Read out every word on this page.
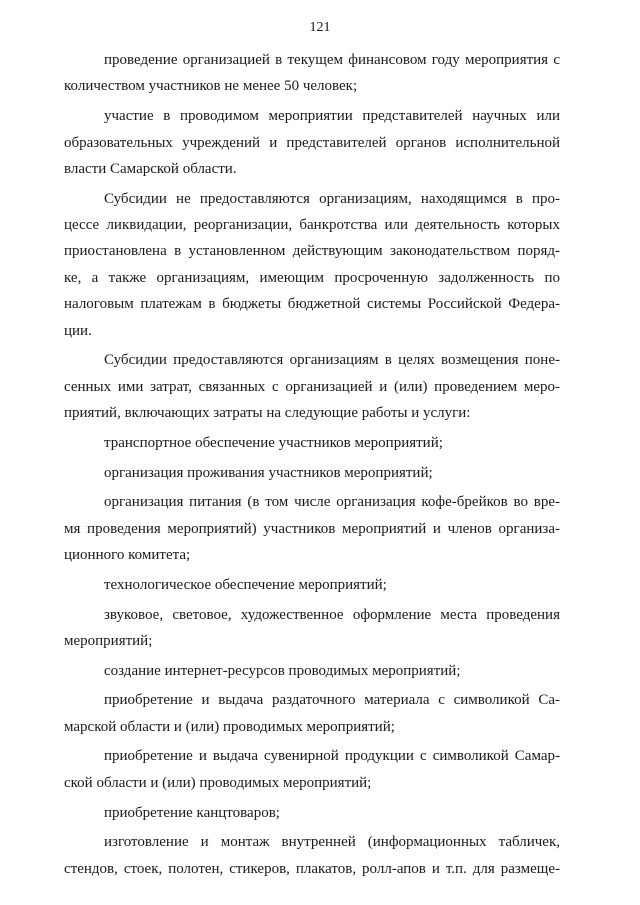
121
проведение организацией в текущем финансовом году мероприятия с
количеством участников не менее 50 человек;
участие в проводимом мероприятии представителей научных или
образовательных учреждений и представителей органов исполнительной
власти Самарской области.
Субсидии не предоставляются организациям, находящимся в про-
цессе ликвидации, реорганизации, банкротства или деятельность которых
приостановлена в установленном действующим законодательством поряд-
ке, а также организациям, имеющим просроченную задолженность по
налоговым платежам в бюджеты бюджетной системы Российской Федера-
ции.
Субсидии предоставляются организациям в целях возмещения поне-
сенных ими затрат, связанных с организацией и (или) проведением меро-
приятий, включающих затраты на следующие работы и услуги:
транспортное обеспечение участников мероприятий;
организация проживания участников мероприятий;
организация питания (в том числе организация кофе-брейков во вре-
мя проведения мероприятий) участников мероприятий и членов организа-
ционного комитета;
технологическое обеспечение мероприятий;
звуковое, световое, художественное оформление места проведения
мероприятий;
создание интернет-ресурсов проводимых мероприятий;
приобретение и выдача раздаточного материала с символикой Са-
марской области и (или) проводимых мероприятий;
приобретение и выдача сувенирной продукции с символикой Самар-
ской области и (или) проводимых мероприятий;
приобретение канцтоваров;
изготовление и монтаж внутренней (информационных табличек,
стендов, стоек, полотен, стикеров, плакатов, ролл-апов и т.п. для размеще-
